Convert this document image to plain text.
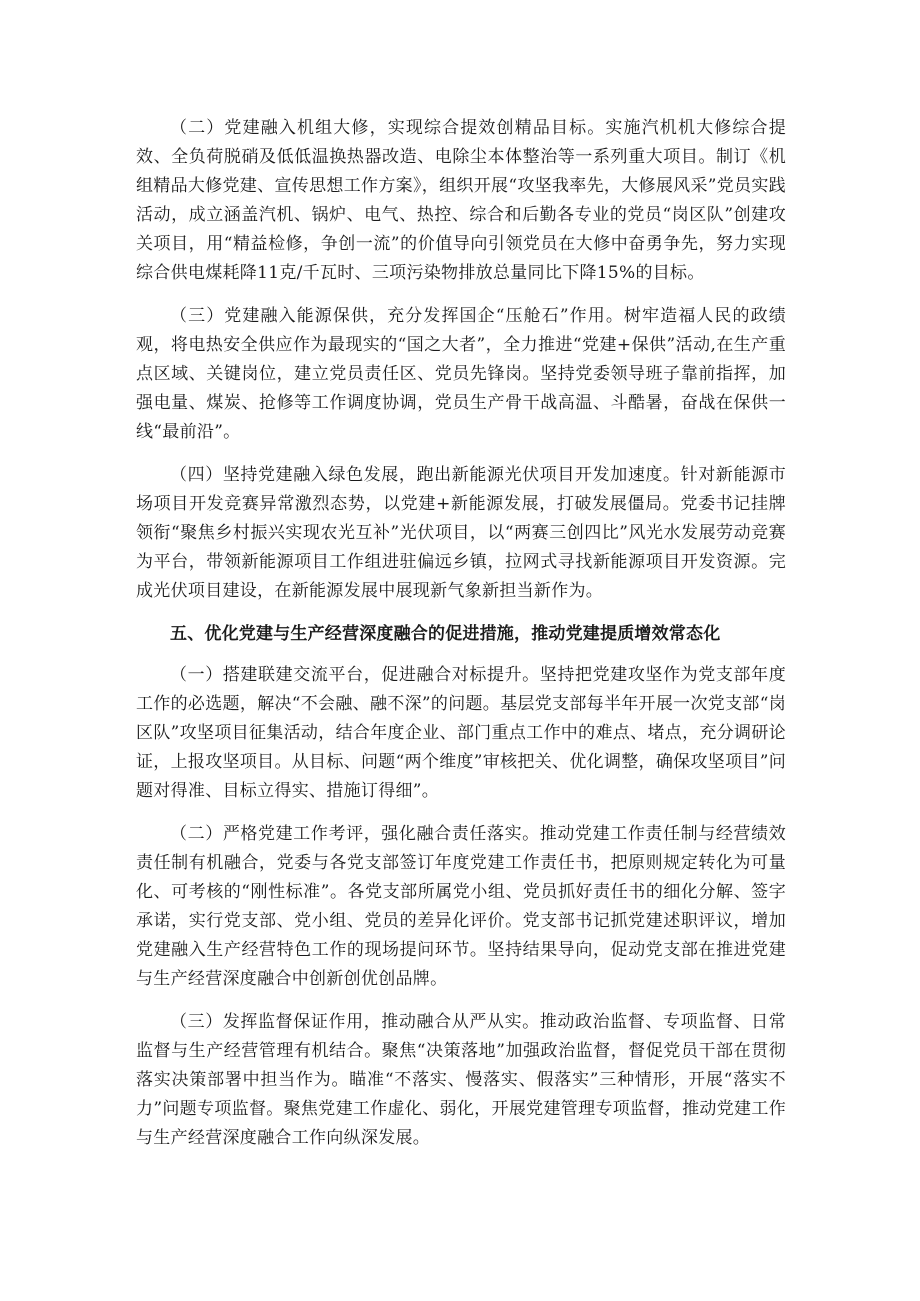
（二）党建融入机组大修，实现综合提效创精品目标。实施汽机机大修综合提效、全负荷脱硝及低低温换热器改造、电除尘本体整治等一系列重大项目。制订《机组精品大修党建、宣传思想工作方案》，组织开展“攻坚我率先，大修展风采”党员实践活动，成立涵盖汽机、锅炉、电气、热控、综合和后勤各专业的党员“岗区队”创建攻关项目，用“精益检修，争创一流”的价值导向引领党员在大修中奋勇争先，努力实现综合供电煤耗降11克/千瓦时、三项污染物排放总量同比下降15%的目标。

（三）党建融入能源保供，充分发挥国企“压舱石”作用。树牢造福人民的政绩观，将电热安全供应作为最现实的“国之大者”，全力推进“党建+保供”活动,在生产重点区域、关键岗位，建立党员责任区、党员先锋岗。坚持党委领导班子靠前指挥，加强电量、煤炭、抢修等工作调度协调，党员生产骨干战高温、斗酷暑，奋战在保供一线“最前沿”。

（四）坚持党建融入绿色发展，跑出新能源光伏项目开发加速度。针对新能源市场项目开发竞赛异常激烈态势，以党建+新能源发展，打破发展僵局。党委书记挂牌领衔“聚焦乡村振兴实现农光互补”光伏项目，以“两赛三创四比”风光水发展劳动竞赛为平台，带领新能源项目工作组进驻偏远乡镇，拉网式寻找新能源项目开发资源。完成光伏项目建设，在新能源发展中展现新气象新担当新作为。

五、优化党建与生产经营深度融合的促进措施，推动党建提质增效常态化

（一）搭建联建交流平台，促进融合对标提升。坚持把党建攻坚作为党支部年度工作的必选题，解决“不会融、融不深”的问题。基层党支部每半年开展一次党支部“岗区队”攻坚项目征集活动，结合年度企业、部门重点工作中的难点、堵点，充分调研论证，上报攻坚项目。从目标、问题“两个维度”审核把关、优化调整，确保攻坚项目”问题对得准、目标立得实、措施订得细”。

（二）严格党建工作考评，强化融合责任落实。推动党建工作责任制与经营绩效责任制有机融合，党委与各党支部签订年度党建工作责任书，把原则规定转化为可量化、可考核的“刚性标准”。各党支部所属党小组、党员抓好责任书的细化分解、签字承诺，实行党支部、党小组、党员的差异化评价。党支部书记抓党建述职评议，增加党建融入生产经营特色工作的现场提问环节。坚持结果导向，促动党支部在推进党建与生产经营深度融合中创新创优创品牌。

（三）发挥监督保证作用，推动融合从严从实。推动政治监督、专项监督、日常监督与生产经营管理有机结合。聚焦“决策落地”加强政治监督，督促党员干部在贯彻落实决策部署中担当作为。瞄准“不落实、慢落实、假落实”三种情形，开展“落实不力”问题专项监督。聚焦党建工作虚化、弱化，开展党建管理专项监督，推动党建工作与生产经营深度融合工作向纵深发展。
